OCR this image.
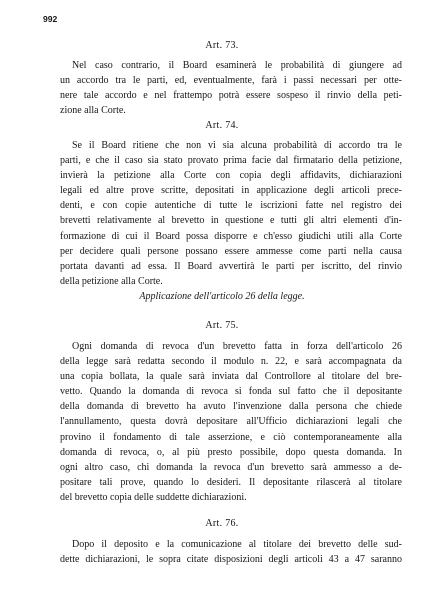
992
Art. 73.
Nel caso contrario, il Board esaminerà le probabilità di giungere ad
un accordo tra le parti, ed, eventualmente, farà i passi necessari per otte-
nere tale accordo e nel frattempo potrà essere sospeso il rinvio della peti-
zione alla Corte.
Art. 74.
Se il Board ritiene che non vi sia alcuna probabilità di accordo tra le
parti, e che il caso sia stato provato prima facie dal firmatario della petizione,
invierà la petizione alla Corte con copia degli affidavits, dichiarazioni
legali ed altre prove scritte, depositati in applicazione degli articoli prece-
denti, e con copie autentiche di tutte le iscrizioni fatte nel registro dei
brevetti relativamente al brevetto in questione e tutti gli altri elementi d'in-
formazione di cui il Board possa disporre e ch'esso giudichi utili alla Corte
per decidere quali persone possano essere ammesse come parti nella causa
portata davanti ad essa. Il Board avvertirà le parti per iscritto, del rinvio
della petizione alla Corte.
Applicazione dell'articolo 26 della legge.
Art. 75.
Ogni domanda di revoca d'un brevetto fatta in forza dell'articolo 26
della legge sarà redatta secondo il modulo n. 22, e sarà accompagnata da
una copia bollata, la quale sarà inviata dal Controllore al titolare del bre-
vetto. Quando la domanda di revoca si fonda sul fatto che il depositante
della domanda di brevetto ha avuto l'invenzione dalla persona che chiede
l'annullamento, questa dovrà depositare all'Ufficio dichiarazioni legali che
provino il fondamento di tale asserzione, e ciò contemporaneamente alla
domanda di revoca, o, al più presto possibile, dopo questa domanda. In
ogni altro caso, chi domanda la revoca d'un brevetto sarà ammesso a de-
positare tali prove, quando lo desideri. Il depositante rilascerà al titolare
del brevetto copia delle suddette dichiarazioni.
Art. 76.
Dopo il deposito e la comunicazione al titolare dei brevetto delle sud-
dette dichiarazioni, le sopra citate disposizioni degli articoli 43 a 47 saranno
